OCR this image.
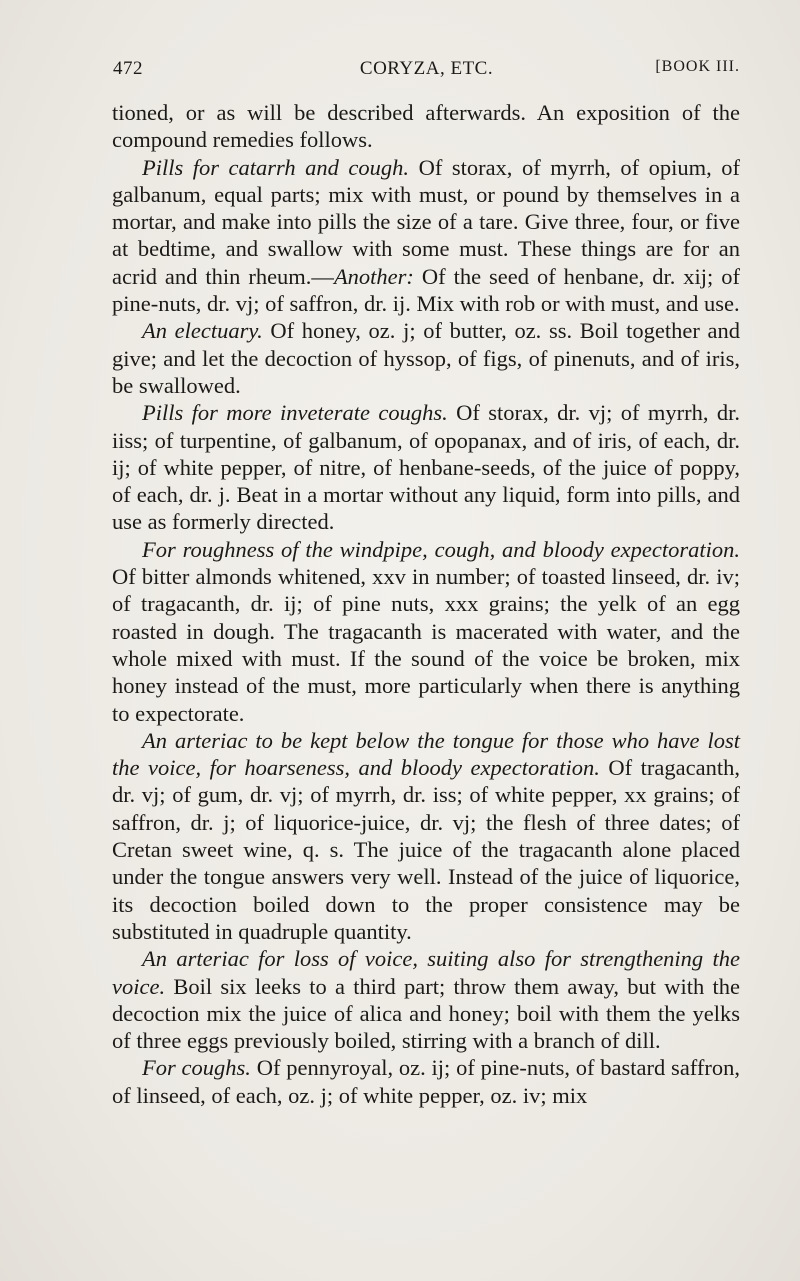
472	CORYZA, ETC.	[BOOK III.

tioned, or as will be described afterwards. An exposition of the compound remedies follows.

Pills for catarrh and cough. Of storax, of myrrh, of opium, of galbanum, equal parts; mix with must, or pound by themselves in a mortar, and make into pills the size of a tare. Give three, four, or five at bedtime, and swallow with some must. These things are for an acrid and thin rheum.—Another: Of the seed of henbane, dr. xij; of pine-nuts, dr. vj; of saffron, dr. ij. Mix with rob or with must, and use.

An electuary. Of honey, oz. j; of butter, oz. ss. Boil together and give; and let the decoction of hyssop, of figs, of pinenuts, and of iris, be swallowed.

Pills for more inveterate coughs. Of storax, dr. vj; of myrrh, dr. iiss; of turpentine, of galbanum, of opopanax, and of iris, of each, dr. ij; of white pepper, of nitre, of henbane-seeds, of the juice of poppy, of each, dr. j. Beat in a mortar without any liquid, form into pills, and use as formerly directed.

For roughness of the windpipe, cough, and bloody expectoration. Of bitter almonds whitened, xxv in number; of toasted linseed, dr. iv; of tragacanth, dr. ij; of pine nuts, xxx grains; the yelk of an egg roasted in dough. The tragacanth is macerated with water, and the whole mixed with must. If the sound of the voice be broken, mix honey instead of the must, more particularly when there is anything to expectorate.

An arteriac to be kept below the tongue for those who have lost the voice, for hoarseness, and bloody expectoration. Of tragacanth, dr. vj; of gum, dr. vj; of myrrh, dr. iss; of white pepper, xx grains; of saffron, dr. j; of liquorice-juice, dr. vj; the flesh of three dates; of Cretan sweet wine, q. s. The juice of the tragacanth alone placed under the tongue answers very well. Instead of the juice of liquorice, its decoction boiled down to the proper consistence may be substituted in quadruple quantity.

An arteriac for loss of voice, suiting also for strengthening the voice. Boil six leeks to a third part; throw them away, but with the decoction mix the juice of alica and honey; boil with them the yelks of three eggs previously boiled, stirring with a branch of dill.

For coughs. Of pennyroyal, oz. ij; of pine-nuts, of bastard saffron, of linseed, of each, oz. j; of white pepper, oz. iv; mix
